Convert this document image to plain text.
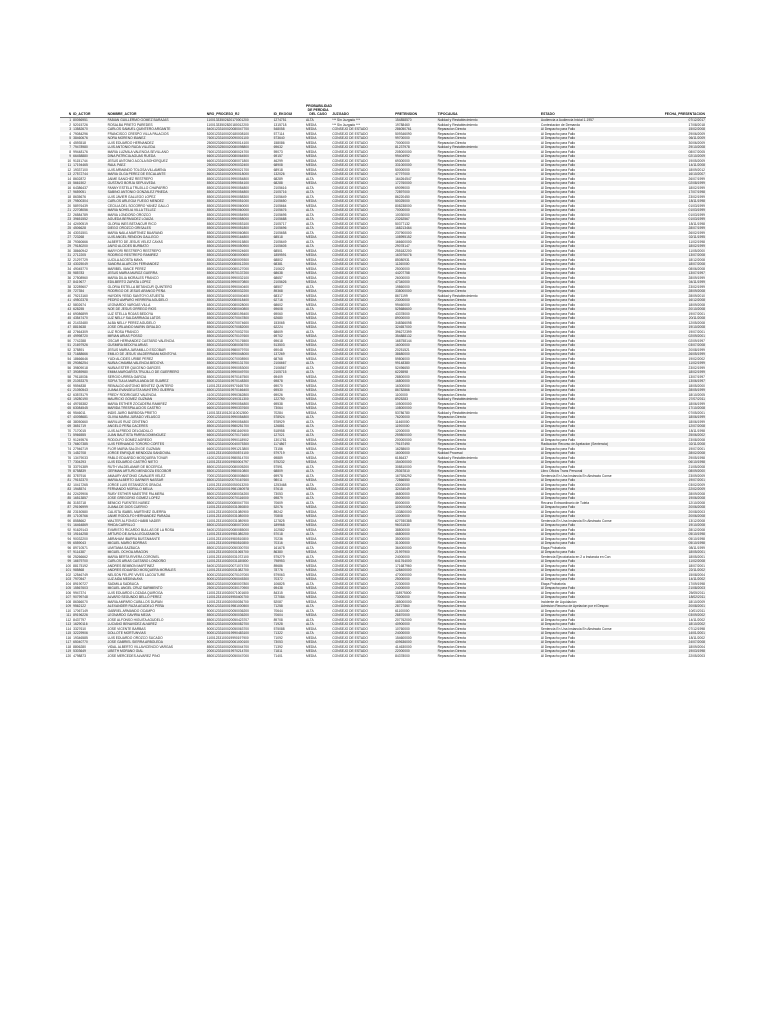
N	ID_ACTOR	NOMBRE_ACTOR	NRO_PROCESO_RJ	ID_EKOGUI	PROBABILIDAD DE PERDIDA DEL CASO	JUZGADO	PRETENSION	TIPOCAUSA	ESTADO	FECHA_PRESENTACION
1	80056951	FABIAN GUILLERMO GOMEZ BARAJAS	11001333502620170001200	1274751	ALTA	*** Sin Juzgado ***	154858570	Nulidad y Restablecimiento	Audiencia a Audiencia Inicial 1-1957	07/12/2017
2	52015726	ROSALBA PRIETO PAREDES	11001333502820180012200	1315718	MEDIA	*** Sin Juzgado ***	19788460	Nulidad y Restablecimiento	Contestacion de Demanda	17/08/2018
3	13582670	CARLOS SAMUEL QUINTERO ARGANTE	54001233100020080047700	548058	MEDIA	CONSEJO DE ESTADO	286050761	Reparacion Directa	Al Despacho para Fallo	15/02/2008
4	79084296	FRANCISCO CRESPO VILLA PALACIOS	52001233100020180008100	577114	MEDIA	CONSEJO DE ESTADO	509346090	Reparacion Directa	Al Despacho para Fallo	29/06/2009
5	38460676	NORA MORENO IBANEZ	76001233100020090001100	573640	MEDIA	CONSEJO DE ESTADO	99700000	Reparacion Directa	Al Despacho para Fallo	06/11/2009
6	4593518	LUIS EDUARDO HERNANDEZ	25000232600020090014100	158086	MEDIA	CONSEJO DE ESTADO	70000000	Reparacion Directa	Al Despacho para Fallo	30/06/2009
7	79478980	LUIS ANTONIO RUDA VILLEDA	25000232500020080098800	69632	MEDIA	CONSEJO DE ESTADO	81237978	Nulidad y Restablecimiento	Al Despacho para Fallo	29/10/2008
8	99448176	MARIA LUZMILA VALENCIA SEVILLANO	76001233100020080024700	59073	MEDIA	CONSEJO DE ESTADO	205000000	Reparacion Directa	Al Despacho para Fallo	08/07/2005
9	66458880	DINA PATRICIA AGUAS RUEDA	66001233100020080064500	69157	MEDIA	CONSEJO DE ESTADO	99404992	Reparacion Directa	Al Despacho para Fallo	02/10/2009
10	91151744	JESUS ANTONIO ACOLA BOHORQUEZ	66001233100020080071800	46299	MEDIA	CONSEJO DE ESTADO	69300000	Reparacion Directa	Al Despacho para Fallo	19/05/2009
11	17194465	RAUL PAEZ	25000232600020090032400	68908	MEDIA	CONSEJO DE ESTADO	331000000	Reparacion Directa	Al Despacho para Fallo	14/11/2008
12	19337100	LUIS ARMANDO TOLOSA VILLAMENA	25000232600020090021700	68918	MEDIA	CONSEJO DE ESTADO	50000000	Reparacion Directa	Al Despacho para Fallo	18/09/2012
13	27572744	MARIA OLGA PEREZ DE ESCALANTE	86001233100020090018000	132026	MEDIA	CONSEJO DE ESTADO	47797000	Reparacion Directa	Al Despacho para Fallo	16/10/2007
14	8602872	JAIME SANCHEZ RESTREPO	85001233100019990054800	68289	ALTA	CONSEJO DE ESTADO	164264547	Reparacion Directa	Al Despacho para Fallo	26/07/1999
15	5661502	GUSTAVO BORJA SEPULVEDA	85001233100019990054100	68288	MEDIA	CONSEJO DE ESTADO	172760000	Reparacion Directa	Al Despacho para Fallo	02/08/1999
16	64386437	FANNY ESTELA TRUJILLO CHAPARRO	85001233100019990054800	2105616	ALTA	CONSEJO DE ESTADO	69099000	Reparacion Directa	Al Despacho para Fallo	18/02/1999
17	9659051	SABINO ANTONIO GONZALEZ PINEDA	85001233100019990054800	2105716	ALTA	CONSEJO DE ESTADO	72897000	Reparacion Directa	Al Despacho para Fallo	17/07/1998
18	8635676	LUIS JAVIER GALLEGO LOPEZ	85001233100019990058300	2105649	ALTA	CONSEJO DE ESTADO	86220450	Reparacion Directa	Al Despacho para Fallo	23/02/1999
19	79500304	CARLOS ARLEGUI FUEGO MENDEZ	85001233100019990051000	2105650	MEDIA	CONSEJO DE ESTADO	50025000	Reparacion Directa	Al Despacho para Fallo	18/11/1998
20	58976439	CECILIA DEL SOCORRO YANEZ GALLO	85001233100019990060000	2105664	MEDIA	CONSEJO DE ESTADO	808238000	Reparacion Directa	Al Despacho para Fallo	01/03/1999
21	22708056	MARIA NOHELIA VILLA TELLEZ	85001233100019990060000	2105676	ALTA	CONSEJO DE ESTADO	70000000	Reparacion Directa	Al Despacho para Fallo	01/03/1999
22	26584789	MARIA LONDOÑO OROZCO	85001233100019990054900	2105695	ALTA	CONSEJO DE ESTADO	10030000	Reparacion Directa	Al Despacho para Fallo	01/03/1999
23	39651552	AGUEDA BERMUDEZ LOAIZA	85001233100019990058000	2105688	ALTA	CONSEJO DE ESTADO	23262567	Reparacion Directa	Al Despacho para Fallo	01/03/1999
24	42490519	GLORIA INES BETANCUR RICO	85001233100019990053100	2105717	ALTA	CONSEJO DE ESTADO	50377132	Reparacion Directa	Al Despacho para Fallo	18/11/1998
25	4506628	DIEGO OROZCO GRISALES	85001233100019990051800	2105696	ALTA	CONSEJO DE ESTADO	168213464	Reparacion Directa	Al Despacho para Fallo	28/07/1999
26	43031501	MARIA NAILA MARTINEZ BUARAND	85001233100019990060800	2105658	ALTA	CONSEJO DE ESTADO	237900000	Reparacion Directa	Al Despacho para Fallo	26/02/1999
27	723268	LUIS ANGEL RENDON GALLEGO	85001233100019990164800	68518	MEDIA	CONSEJO DE ESTADO	108995152	Reparacion Directa	Al Despacho para Fallo	02/11/1995
28	79360666	ALBERTO DE JESUS VELEZ CAYAS	85001233100019990015800	2105649	ALTA	CONSEJO DE ESTADO	166600000	Reparacion Directa	Al Despacho para Fallo	11/02/1998
29	79180200	JAIRO ALCIDES BURBATO	85001233100019990050900	2105605	ALTA	CONSEJO DE ESTADO	29078147	Reparacion Directa	Al Despacho para Fallo	18/02/1999
30	38660942	MARYORI RESTREPO RESTREPO	85001233100019990024600	68501	MEDIA	CONSEJO DE ESTADO	255182200	Reparacion Directa	Al Despacho para Fallo	11/05/2000
31	2712205	RODRIGO RESTREPO RAMIREZ	85001233100020080000600	1859591	MEDIA	CONSEJO DE ESTADO	163976076	Reparacion Directa	Al Despacho para Fallo	13/07/2008
32	21297729	LUCILA ACOSTA MAYA	85001233100020080009300	68802	MEDIA	CONSEJO DE ESTADO	85080931	Reparacion Directa	Al Despacho para Fallo	18/12/2008
33	43025049	SANDRA ALARCON FERNANDEZ	85001233100020080012200	68381	MEDIA	CONSEJO DE ESTADO	11260000	Reparacion Directa	Al Despacho para Fallo	18/07/2008
34	49045770	MARIBEL VANCE PEREZ	85001233100020080127000	210622	MEDIA	CONSEJO DE ESTADO	25000000	Reparacion Directa	Al Despacho para Fallo	08/06/2008
35	985783	JESUS MARIA MUÑOZ GUERRA	85001233100019970137200	68638	MEDIA	CONSEJO DE ESTADO	44207758	Reparacion Directa	Al Despacho para Fallo	13/07/1997
36	27508960	MARIA DILIA MORALES FRANCO	85001233100019990032100	68657	MEDIA	CONSEJO DE ESTADO	26000000	Reparacion Directa	Al Despacho para Fallo	28/09/1999
37	8419677	EDILBERTO ZAPATA LOPEZ	85001233100019990070800	2105626	MEDIA	CONSEJO DE ESTADO	47340000	Reparacion Directa	Al Despacho para Fallo	04/11/1999
38	32289607	GLORIA ESTELLA BETANCUR QUINTERO	85001233100019990040400	68507	ALTA	CONSEJO DE ESTADO	19860000	Reparacion Directa	Al Despacho para Fallo	23/02/1999
39	727354	RODRIGO DE JESUS ARANGO PEÑA	85001233100020080032200	89368	MEDIA	CONSEJO DE ESTADO	338000000	Reparacion Directa	Al Despacho para Fallo	28/09/2008
40	79213160	HAYDEN YESID SANTOYO ATUESTA	85001233100020100040400	68317	MEDIA	CONSEJO DE ESTADO	8671199	Nulidad y Restablecimiento	Al Despacho para Fallo	28/09/2010
41	49502378	PEDRO AMPARO HERRERA AGUDELO	85001233100020080018400	62716	MEDIA	CONSEJO DE ESTADO	23000000	Reparacion Directa	Al Despacho para Fallo	16/12/2008
42	5802674	LEONARDO VARGAS VILLA	85001233100020080028000	68602	MEDIA	CONSEJO DE ESTADO	99460000	Reparacion Directa	Al Despacho para Fallo	18/09/2008
43	628255	NOE DE JESUS ORREGO RIOS	85001233100020080040800	69608	ALTA	CONSEJO DE ESTADO	525686600	Reparacion Directa	Al Despacho para Fallo	20/10/2008
44	69086899	LUZ STELLA ROJAS BEDOYA	85001233100020080195400	69060	MEDIA	CONSEJO DE ESTADO	43378000	Reparacion Directa	Al Despacho para Fallo	19/07/2001
45	43547470	LUZ NELLY SALDARRIAGA LATOS	85001233100020070047800	62680	MEDIA	CONSEJO DE ESTADO	89000000	Reparacion Directa	Al Despacho para Fallo	20/11/2008
46	21433480	ALBA NELLY PEREZ AGUDELO	85001233100020070074600	153065	MEDIA	CONSEJO DE ESTADO	348366098	Reparacion Directa	Al Despacho para Fallo	12/05/2008
47	8815638	JOSE ORLANDO MARIN GIRALDO	85001233100020070082000	62224	MEDIA	CONSEJO DE ESTADO	324657000	Reparacion Directa	Al Despacho para Fallo	19/10/2008
48	27664309	LUZ ROSA FRANCO	85001233100020070032700	68609	ALTA	CONSEJO DE ESTADO	396272399	Reparacion Directa	Al Despacho para Fallo	19/07/2001
49	49998720	MIRIAN ARIAS POSSO	85001233100020070107600	69702	MEDIA	CONSEJO DE ESTADO	354888132	Reparacion Directa	Al Despacho para Fallo	02/09/2001
50	7742288	OSCAR HERNANDEZ CASTAÑO VALENCIA	85001233100020070176500	69618	MEDIA	CONSEJO DE ESTADO	168758144	Reparacion Directa	Al Despacho para Fallo	02/09/1997
51	21697926	GUSMIRA BEDOYA ARIAS	85001233100020080036700	513503	MEDIA	CONSEJO DE ESTADO	16000000	Reparacion Directa	Al Despacho para Fallo	03/07/2008
52	378891	JESUS MARIA JARAMILLO ESCOBAR	85001233100019980079700	69048	MEDIA	CONSEJO DE ESTADO	20251521	Reparacion Directa	Al Despacho para Fallo	20/08/1999
53	71688666	EMILIO DE JESUS VALDERRAMA MONTOYA	85001233100019990048000	137269	MEDIA	CONSEJO DE ESTADO	38680000	Reparacion Directa	Al Despacho para Fallo	26/05/1999
54	18666646	YUDI ALCIDES URIBE PEREZ	85001233100020070008900	68768	MEDIA	CONSEJO DE ESTADO	59806000	Reparacion Directa	Al Despacho para Fallo	19/02/2002
55	29086254	NUBIA CHAMBA VALENCIA BEDOYA	85001233100019990131700	2106667	ALTA	CONSEJO DE ESTADO	99148380	Reparacion Directa	Al Despacho para Fallo	11/02/1999
56	39809018	NUBIA ESTER QUICENO GARCES	85001233100019990053000	2106567	ALTA	CONSEJO DE ESTADO	52496650	Reparacion Directa	Al Despacho para Fallo	23/02/1999
57	39089980	EMMA MARGARITA TRUJILLO DE GUERRERO	85001233100019990049700	2105715	ALTA	CONSEJO DE ESTADO	6226598	Reparacion Directa	Al Despacho para Fallo	18/02/1999
58	79118036	SERGIO URREA GARCIA	85001233100019970167500	69409	MEDIA	CONSEJO DE ESTADO	28800000	Reparacion Directa	Al Despacho para Fallo	13/07/1997
59	21053375	SOFIA TULIA MARULANDA DE SUAREZ	85001233100019970148300	69878	MEDIA	CONSEJO DE ESTADO	16800000	Reparacion Directa	Al Despacho para Fallo	13/06/1997
60	9594838	REINALDO ANTONIO BENITEZ QUINTERO	11001233100019970165700	69070	MEDIA	CONSEJO DE ESTADO	16300000	Reparacion Directa	Al Despacho para Fallo	18/05/2000
61	21050543	JUANA EVANGELISTA MUNTERO GUERRA	85001233100019970166400	69530	MEDIA	CONSEJO DE ESTADO	86782866	Reparacion Directa	Al Despacho para Fallo	28/05/1999
62	63578179	FREDY RODRIGUEZ VALENCIA	41001233100019990362800	69026	MEDIA	CONSEJO DE ESTADO	1100000	Reparacion Directa	Al Despacho para Fallo	18/10/2005
63	19280190	MAURICIO GOMEZ GUZMAN	25000232600020190311300	122750	MEDIA	CONSEJO DE ESTADO	8925283	Nulidad y Restablecimiento	Al Despacho para Fallo	27/07/2011
64	49765382	MARIA ESTHER ZOCADERA RAMIREZ	20001233100019990054800	69538	MEDIA	CONSEJO DE ESTADO	105000000	Reparacion Directa	Al Despacho para Fallo	18/06/1999
65	63084545	MARIDA TRESPALACIOS CASTRO	66001233100019990337600	73064	MEDIA	CONSEJO DE ESTADO	108000000	Reparacion Directa	Al Despacho para Fallo	17/10/2008
66	9546011	INDIS JAIRO BARBOSA PRIETO	11001333100120110012800	70284	MEDIA	CONSEJO DE ESTADO	53786780	Nulidad y Restablecimiento	Al Despacho para Fallo	07/05/2001
67	40098681	OLIVIA MARIA JURADO VELASCO	20001233100019990054800	578924	ALTA	CONSEJO DE ESTADO	76200000	Reparacion Directa	Al Despacho para Fallo	18/06/1999
68	38050660	MARILUS RUIZ CENTENO	20001233100019990054800	578929	ALTA	CONSEJO DE ESTADO	11460000	Reparacion Directa	Al Despacho para Fallo	18/06/1999
69	3651719	ANGELO PEÑA CACERES	85001233100019980251700	126881	ALTA	CONSEJO DE ESTADO	11900000	Reparacion Directa	Al Despacho para Fallo	12/07/2008
70	7170015	LUIS ALFREDO DELGADILLO	85001233100019981160900	518958	ALTA	CONSEJO DE ESTADO	12000000	Reparacion Directa	Al Despacho para Fallo	18/11/1998
71	5966555	JUAN BAUTISTA PARRA DOMINGUEZ	66001233100020070171600	127021	ALTA	CONSEJO DE ESTADO	259800000	Reparacion Directa	Al Despacho para Fallo	25/06/2002
72	91249576	RODOLFO GOMEZ AGREDO	66001233100019990118902	1301781	MEDIA	CONSEJO DE ESTADO	200000000	Reparacion Directa	Al Despacho para Fallo	23/08/2008
73	76607385	LUIS FERNANDO TORORO CORTES	76001233100020040075300	1174867	MEDIA	CONSEJO DE ESTADO	79157490	Reparacion Directa	Radicacion Recurso de Apelacion (Sentencia)	02/11/2008
74	27946719	FLOR MARIA SALON DE GUZMAN	66001233100019991213800	73156	MEDIA	CONSEJO DE ESTADO	16258600	Reparacion Directa	Al Despacho para Fallo	19/07/2001
75	1452708	JORGE ENRIQUE MENDOZA SANDOVAL	11001233100020050574100	579719	ALTA	CONSEJO DE ESTADO	16000000	Nulidad Procesal	Al Despacho para Fallo	28/02/2008
76	13479033	PABLO EDUARDO MOSQUERA TOVAR	41001233100019980514700	69889	MEDIA	CONSEJO DE ESTADO	6186437	Nulidad y Restablecimiento	Al Despacho para Fallo	29/05/1998
77	7304293	LUIS EDUARDO CASTRO NIETO	11001233100019980004797	575232	MEDIA	CONSEJO DE ESTADO	154000000	Reparacion Directa	Al Despacho para Fallo	06/10/1998
78	33791389	RUTH VALDELAMAR DE BOCERCA	85001233100020080005200	57591	ALTA	CONSEJO DE ESTADO	308810000	Reparacion Directa	Al Despacho para Fallo	21/05/2008
79	8758839	GERMAN ARTURO MENDOZA ESCOBOR	85001233100019980010800	68809	ALTA	CONSEJO DE ESTADO	25367810	Reparacion Directa	Libro Oficios Trans Personal	08/09/2000
80	3787916	AMAURY ANTONIO CAVALIER VELEZ	70001233100020080008600	69978	ALTA	CONSEJO DE ESTADO	167926292	Reparacion Directa	Sentencia En Una Instancia En Abstracto Conse	23/09/2009
81	79152370	MARIA ALBERTO GARNER NASSAR	85001233100020070167600	98011	MEDIA	CONSEJO DE ESTADO	72866550	Reparacion Directa	Al Despacho para Fallo	19/07/2001
82	10417265	JORGE LUIS ESTANEZOS GRACIA	11001233100020050013200	1253468	ALTA	CONSEJO DE ESTADO	43000000	Reparacion Directa	Al Despacho para Fallo	03/02/2009
83	1948574	FERNANDO MORILLO MELIA	52001233100019981360978	57618	MEDIA	CONSEJO DE ESTADO	32434049	Reparacion Directa	Al Despacho para Fallo	22/02/2009
84	22429906	RUBY ESTHER MAESTRE PALMERA	85001233100020080034200	73053	ALTA	CONSEJO DE ESTADO	46800000	Reparacion Directa	Al Despacho para Fallo	28/09/2008
85	16513857	JOSE GREGORIO GOMEZ LOPEZ	50001233100020070116000	69879	ALTA	CONSEJO DE ESTADO	35000000	Reparacion Directa	Al Despacho para Fallo	19/06/2008
86	3153718	BENICIO FUENTES NUÑEZ	85001233100020080047700	70609	ALTA	CONSEJO DE ESTADO	80000000	Reparacion Directa	Recurso Extraordinario de Tutela	12/10/2008
87	29196999	JUANA DE DIOS CUERVO	11001233100020031050800	52076	MEDIA	CONSEJO DE ESTADO	119000000	Reparacion Directa	Al Despacho para Fallo	20/06/2008
88	23150580	CALISTA ISABEL MARTINEZ GUERRA	11001233100020031080900	89242	MEDIA	CONSEJO DE ESTADO	133800000	Reparacion Directa	Al Despacho para Fallo	20/08/2003
89	17105766	JAIME RODOLFO HERNANDEZ PARADA	11001233100020031080000	70808	MEDIA	CONSEJO DE ESTADO	10000000	Reparacion Directa	Al Despacho para Fallo	20/06/2008
90	8558662	WALTER ALFONSO HABIB NADER	11001233100020031080900	127825	MEDIA	CONSEJO DE ESTADO	627930385	Reparacion Directa	Sentencia En Una Instancia En Abstracto Conse	13/12/2008
91	16464869	RHIDA CARRILLO	85001233100020080072000	189968	MEDIA	CONSEJO DE ESTADO	96031530	Reparacion Directa	Al Despacho para Fallo	19/10/2008
92	91629143	EVARISTO RICARDO BULLAS DE LA ROSA	54001233100020080085000	102582	MEDIA	CONSEJO DE ESTADO	38800000	Reparacion Directa	Al Despacho para Fallo	28/12/2008
93	19164258	ARTURO DE AVILA LEGUIZAMON	11001233100019981080200	57018	ALTA	CONSEJO DE ESTADO	46800000	Reparacion Directa	Al Despacho para Fallo	05/10/1998
94	90032200	ABRAHAM IBARRA BUSTAMANTE	11001233100019980510800	70236	MEDIA	CONSEJO DE ESTADO	35000000	Reparacion Directa	Al Despacho para Fallo	05/10/1998
95	6559043	MIGUEL MARIO BORRAS	11001233100019980510800	70316	MEDIA	CONSEJO DE ESTADO	31000000	Reparacion Directa	Al Despacho para Fallo	05/10/1998
96	89710571	LIMITANIA SAZBUCA	85001233100020050300700	161678	ALTA	CONSEJO DE ESTADO	364000000	Reparacion Directa	Etapa Probatoria	08/11/1999
97	9114387	MIGUEL OCHOA ARAGON	11001233100020031065700	86380	MEDIA	CONSEJO DE ESTADO	21997900	Reparacion Directa	Al Despacho para Fallo	18/05/2001
98	25266662	MARIA BERTA RIVERA CORONEL	11001233100020031072100	575279	ALTA	CONSEJO DE ESTADO	24000000	Reparacion Directa	Sentencia Ejecutoriada en 2 a Instancia en Con	18/05/2001
99	16679700	CARLOS ARIAS CASTAÑO LONDOÑO	11001233100020031180800	798953	MEDIA	CONSEJO DE ESTADO	641764000	Reparacion Directa	Al Despacho para Fallo	11/02/2008
100	88175192	ANDRES BEMBON MARTINEZ	54001233100020071074700	89686	MEDIA	CONSEJO DE ESTADO	171687960	Reparacion Directa	Al Despacho para Fallo	18/07/2001
101	985868	ANDRES EDUARDO MOSQUERA MORALES	11001233100020031082700	78776	MEDIA	CONSEJO DE ESTADO	128400000	Reparacion Directa	Al Despacho para Fallo	22/11/2002
102	12546749	NELSON FELIPE VIVES LACOUTURE	50001233100020070107000	579063	MEDIA	CONSEJO DE ESTADO	470000000	Reparacion Directa	Al Despacho para Fallo	15/08/2004
103	7970547	LUZ AIDA MEDINA AYA	50001233100020050045300	70372	MEDIA	CONSEJO DE ESTADO	25000000	Reparacion Directa	Al Despacho para Fallo	14/11/2002
104	89190727	SADMILA SADBUCA	85001233100020080007800	106825	ALTA	CONSEJO DE ESTADO	22300000	Reparacion Directa	Etapa Probatoria	17/09/1998
105	15567603	MIGUEL ANGEL CRUZ SARMIENTO	25001233100020030170900	69438	MEDIA	CONSEJO DE ESTADO	24000000	Reparacion Directa	Al Despacho para Fallo	21/08/2003
106	9947374	LUIS EDUARDO LOZADA QUIROGA	11001233100020071001600	84315	MEDIA	CONSEJO DE ESTADO	118975000	Reparacion Directa	Al Despacho para Fallo	25/05/2011
107	90799748	ALVARO SEGUNDO BELLO PEREZ	11001233100019950400700	727084	MEDIA	CONSEJO DE ESTADO	73000000	Reparacion Directa	Al Despacho para Fallo	18/02/2011
108	86366070	MARIA AMPARO CUBILLOS DURAN	11001233100020050036700	52087	MEDIA	CONSEJO DE ESTADO	185000000	Reparacion Directa	Incidente de Liquidacion	18/10/2009
109	9562122	ALEXANDER RUZA AGUDELO PEÑA	50001233100019981000500	71258	ALTA	CONSEJO DE ESTADO	28727860	Reparacion Directa	Admision Recurso de Apelacion por el Despac	20/08/2001
110	17067149	GABRIEL ARMANDO OCAMPO	50001233100020050036200	70644	ALTA	CONSEJO DE ESTADO	61100000	Reparacion Directa	Al Despacho para Fallo	10/01/2011
111	89196226	LEONARDO GAVIRIA MEJIA	85001233100020050036200	70604	MEDIA	CONSEJO DE ESTADO	28870000	Reparacion Directa	Al Despacho para Fallo	03/09/2002
112	8437797	JOSE ALFONSO HIGUITA AGUDELO	85001233100020050423707	89708	ALTA	CONSEJO DE ESTADO	207762000	Reparacion Directa	Al Despacho para Fallo	14/11/2002
113	16290116	LUCIANO BENAVIDEZ ALVAREZ	85001233100020050082700	71928	ALTA	CONSEJO DE ESTADO	40900000	Reparacion Directa	Al Despacho para Fallo	18/10/2002
114	3327610	JOSE VICENTE BARBAS	50001233100020050063700	575088	MEDIA	CONSEJO DE ESTADO	10760000	Reparacion Directa	Sentencia En Una Instancia En Abstracto Conse	07/12/1998
115	32229906	DOLLOTE MORTUNVIAS	50001233100019990483100	71322	ALTA	CONSEJO DE ESTADO	24000000	Reparacion Directa	Al Despacho para Fallo	14/01/2001
116	19346585	LUIS EDUARDO OROZCO SUCADO	11001233100019990197900	71092	MEDIA	CONSEJO DE ESTADO	154600000	Reparacion Directa	Al Despacho para Fallo	18/11/2002
117	65040770	JOSE GABRIEL SIERRA ARBOLEDA	50001233100020061000100	73053	MEDIA	CONSEJO DE ESTADO	409636000	Reparacion Directa	Al Despacho para Fallo	24/07/2008
118	8806280	VIDAL ALBERTO VILLAVICENCIO VARGAS	85001233100020050044700	71392	MEDIA	CONSEJO DE ESTADO	414630000	Reparacion Directa	Al Despacho para Fallo	18/09/2004
119	5303649	LIBETH MORANO GIAL	20001233100019970214700	71811	MEDIA	CONSEJO DE ESTADO	22000000	Reparacion Directa	Al Despacho para Fallo	19/03/1998
120	4798873	JOSE MERCEDES ALVAREZ PINO	85001233100020050047000	71401	MEDIA	CONSEJO DE ESTADO	84378000	Reparacion Directa	Al Despacho para Fallo	22/05/2003
